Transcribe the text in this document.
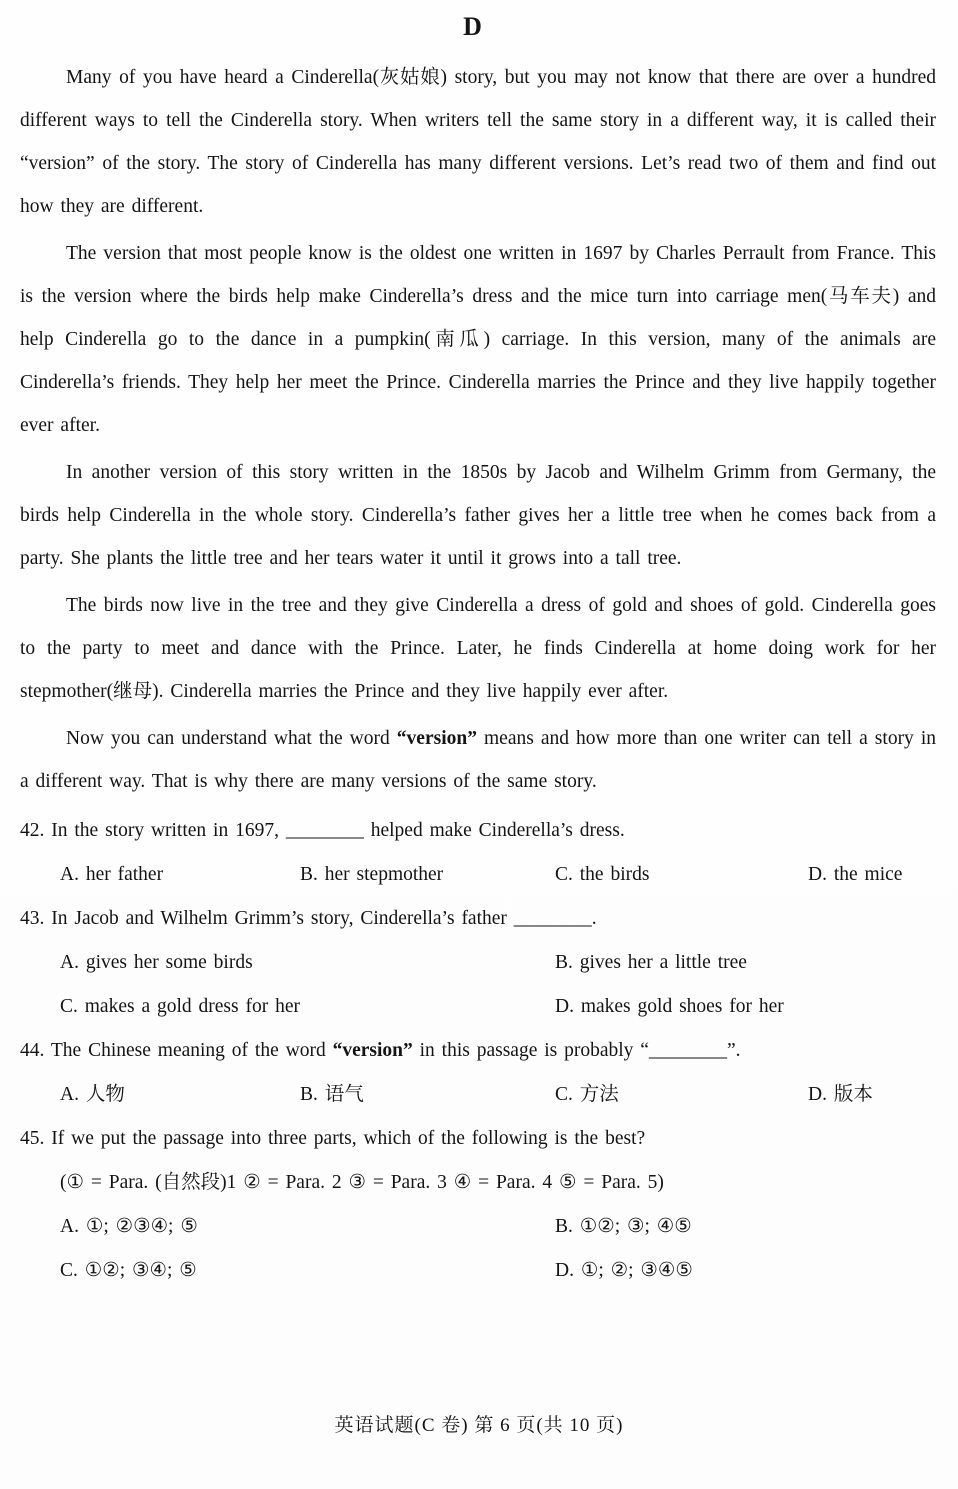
D

Many of you have heard a Cinderella(灰姑娘) story, but you may not know that there are over a hundred different ways to tell the Cinderella story. When writers tell the same story in a different way, it is called their “version” of the story. The story of Cinderella has many different versions. Let’s read two of them and find out how they are different.

The version that most people know is the oldest one written in 1697 by Charles Perrault from France. This is the version where the birds help make Cinderella’s dress and the mice turn into carriage men(马车夫) and help Cinderella go to the dance in a pumpkin(南瓜) carriage. In this version, many of the animals are Cinderella’s friends. They help her meet the Prince. Cinderella marries the Prince and they live happily together ever after.

In another version of this story written in the 1850s by Jacob and Wilhelm Grimm from Germany, the birds help Cinderella in the whole story. Cinderella’s father gives her a little tree when he comes back from a party. She plants the little tree and her tears water it until it grows into a tall tree.

The birds now live in the tree and they give Cinderella a dress of gold and shoes of gold. Cinderella goes to the party to meet and dance with the Prince. Later, he finds Cinderella at home doing work for her stepmother(继母). Cinderella marries the Prince and they live happily ever after.

Now you can understand what the word “version” means and how more than one writer can tell a story in a different way. That is why there are many versions of the same story.

42. In the story written in 1697, ________ helped make Cinderella’s dress.
A. her father	B. her stepmother	C. the birds	D. the mice
43. In Jacob and Wilhelm Grimm’s story, Cinderella’s father ________.
A. gives her some birds	B. gives her a little tree
C. makes a gold dress for her	D. makes gold shoes for her
44. The Chinese meaning of the word “version” in this passage is probably “________”.
A. 人物	B. 语气	C. 方法	D. 版本
45. If we put the passage into three parts, which of the following is the best?
(① = Para. (自然段)1 ② = Para. 2 ③ = Para. 3 ④ = Para. 4 ⑤ = Para. 5)
A. ①; ②③④; ⑤	B. ①②; ③; ④⑤
C. ①②; ③④; ⑤	D. ①; ②; ③④⑤
英语试题(C 卷) 第 6 页(共 10 页)
